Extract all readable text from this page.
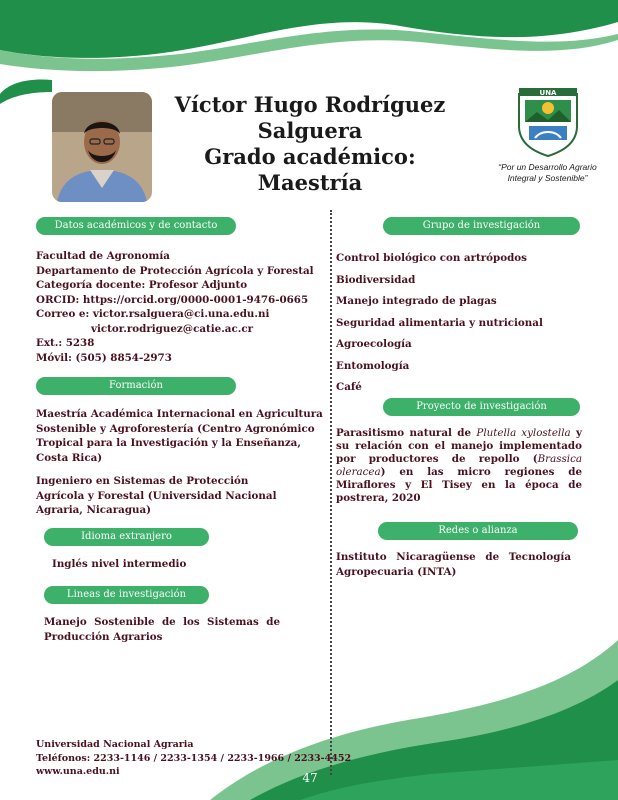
Víctor Hugo Rodríguez Salguera
Grado académico: Maestría
UNA
“Por un Desarrollo Agrario Integral y Sostenible”
Datos académicos y de contacto
Facultad de Agronomía
Departamento de Protección Agrícola y Forestal
Categoría docente: Profesor Adjunto
ORCID: https://orcid.org/0000-0001-9476-0665
Correo e: victor.rsalguera@ci.una.edu.ni
victor.rodriguez@catie.ac.cr
Ext.: 5238
Móvil: (505) 8854-2973
Formación
Maestría Académica Internacional en Agricultura Sostenible y Agroforestería (Centro Agronómico Tropical para la Investigación y la Enseñanza, Costa Rica)
Ingeniero en Sistemas de Protección Agrícola y Forestal (Universidad Nacional Agraria, Nicaragua)
Idioma extranjero
Inglés nivel intermedio
Lineas de investigación
Manejo Sostenible de los Sistemas de Producción Agrarios
Grupo de investigación
Control biológico con artrópodos
Biodiversidad
Manejo integrado de plagas
Seguridad alimentaria y nutricional
Agroecología
Entomología
Café
Proyecto de investigación
Parasitismo natural de Plutella xylostella y su relación con el manejo implementado por productores de repollo (Brassica oleracea) en las micro regiones de Miraflores y El Tisey en la época de postrera, 2020
Redes o alianza
Instituto Nicaragüense de Tecnología Agropecuaria (INTA)
Universidad Nacional Agraria
Teléfonos: 2233-1146 / 2233-1354 / 2233-1966 / 2233-4452
www.una.edu.ni	47
